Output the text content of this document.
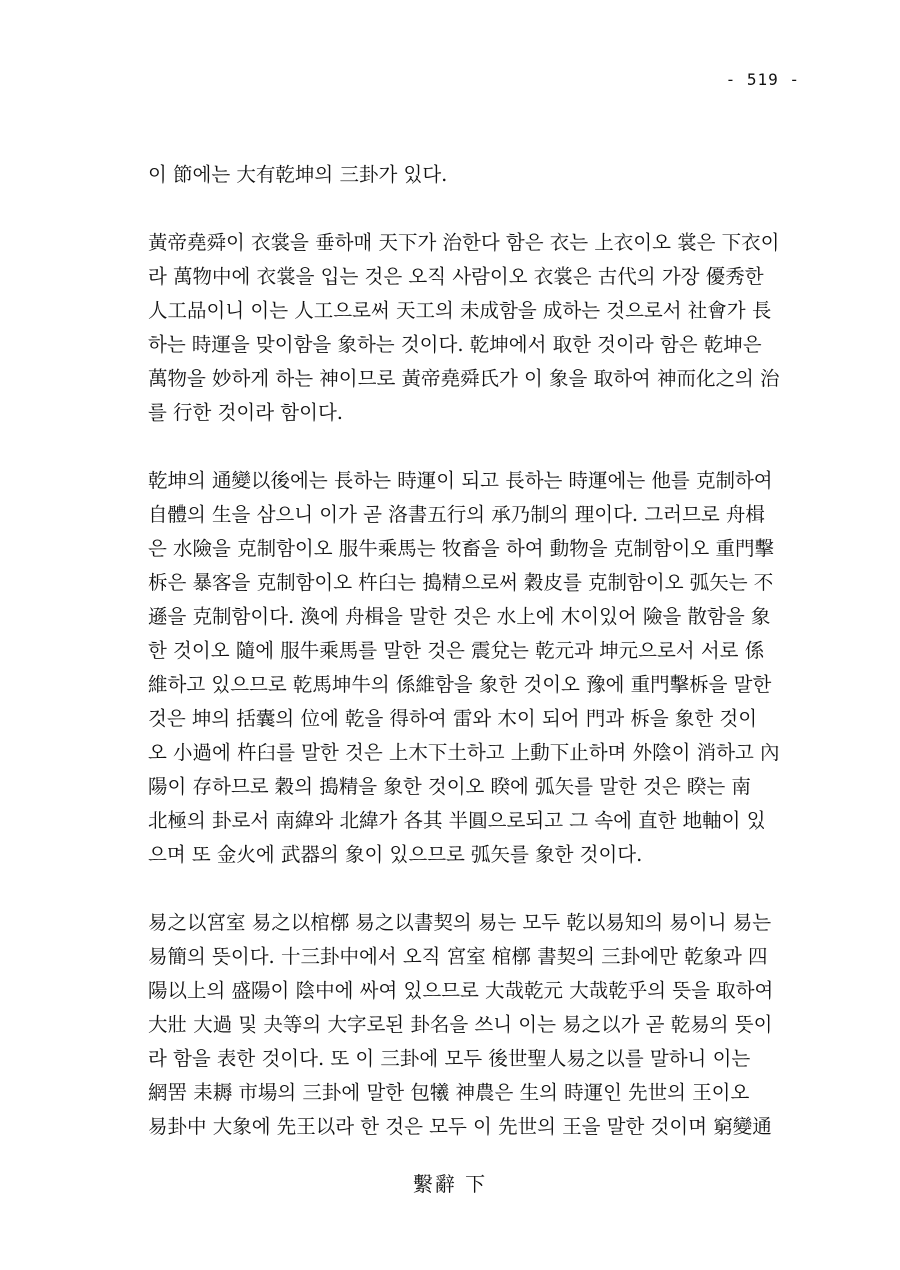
- 519 -
이 節에는 大有乾坤의 三卦가 있다.
黃帝堯舜이 衣裳을 垂하매 天下가 治한다 함은 衣는 上衣이오 裳은 下衣이
라 萬物中에 衣裳을 입는 것은 오직 사람이오 衣裳은 古代의 가장 優秀한
人工品이니 이는 人工으로써 天工의 未成함을 成하는 것으로서 社會가 長
하는 時運을 맞이함을 象하는 것이다. 乾坤에서 取한 것이라 함은 乾坤은
萬物을 妙하게 하는 神이므로 黃帝堯舜氏가 이 象을 取하여 神而化之의 治
를 行한 것이라 함이다.
乾坤의 通變以後에는 長하는 時運이 되고 長하는 時運에는 他를 克制하여
自體의 生을 삼으니 이가 곧 洛書五行의 承乃制의 理이다. 그러므로 舟楫
은 水險을 克制함이오 服牛乘馬는 牧畜을 하여 動物을 克制함이오 重門擊
柝은 暴客을 克制함이오 杵臼는 搗精으로써 穀皮를 克制함이오 弧矢는 不
遜을 克制함이다. 渙에 舟楫을 말한 것은 水上에 木이있어 險을 散함을 象
한 것이오 隨에 服牛乘馬를 말한 것은 震兌는 乾元과 坤元으로서 서로 係
維하고 있으므로 乾馬坤牛의 係維함을 象한 것이오 豫에 重門擊柝을 말한
것은 坤의 括囊의 位에 乾을 得하여 雷와 木이 되어 門과 柝을 象한 것이
오 小過에 杵臼를 말한 것은 上木下土하고 上動下止하며 外陰이 消하고 內
陽이 存하므로 穀의 搗精을 象한 것이오 睽에 弧矢를 말한 것은 睽는 南
北極의 卦로서 南緯와 北緯가 各其 半圓으로되고 그 속에 直한 地軸이 있
으며 또 金火에 武器의 象이 있으므로 弧矢를 象한 것이다.
易之以宮室 易之以棺槨 易之以書契의 易는 모두 乾以易知의 易이니 易는
易簡의 뜻이다. 十三卦中에서 오직 宮室 棺槨 書契의 三卦에만 乾象과 四
陽以上의 盛陽이 陰中에 싸여 있으므로 大哉乾元 大哉乾乎의 뜻을 取하여
大壯 大過 및 夬等의 大字로된 卦名을 쓰니 이는 易之以가 곧 乾易의 뜻이
라 함을 表한 것이다. 또 이 三卦에 모두 後世聖人易之以를 말하니 이는
網罟 耒耨 市場의 三卦에 말한 包犧 神農은 生의 時運인 先世의 王이오
易卦中 大象에 先王以라 한 것은 모두 이 先世의 王을 말한 것이며 窮變通
繫辭 下
